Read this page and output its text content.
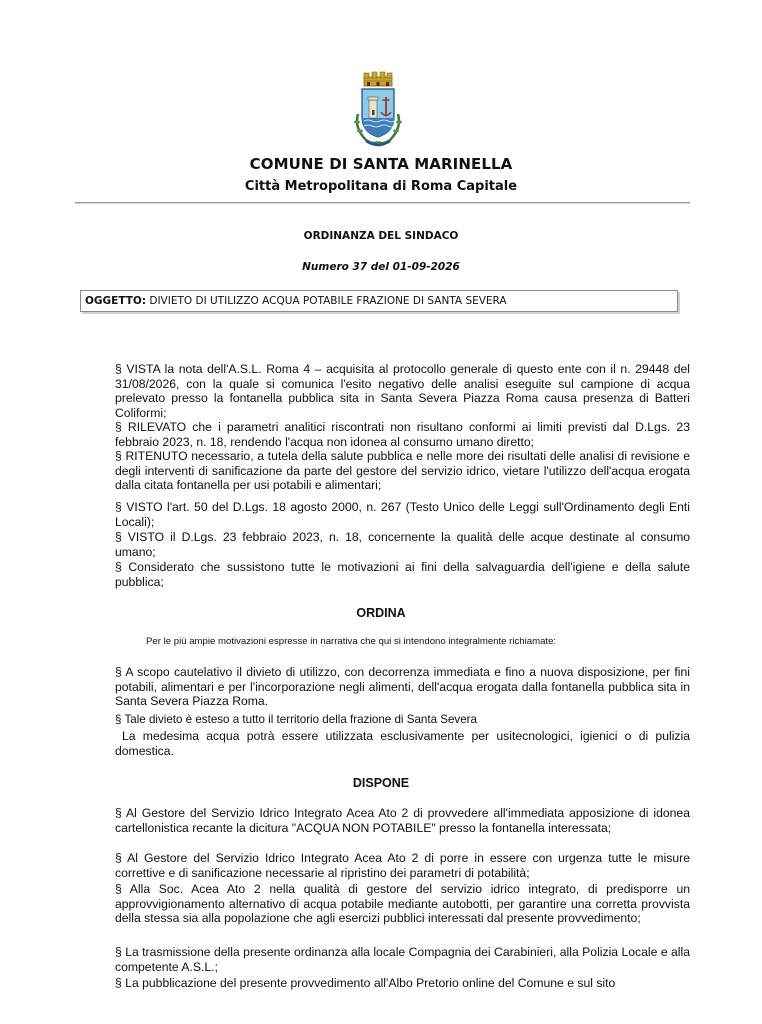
COMUNE DI SANTA MARINELLA
Città Metropolitana di Roma Capitale
ORDINANZA DEL SINDACO
Numero 37 del 01-09-2026
OGGETTO: DIVIETO DI UTILIZZO ACQUA POTABILE FRAZIONE DI SANTA SEVERA
§ VISTA la nota dell'A.S.L. Roma 4 – acquisita al protocollo generale di questo ente con il n. 29448 del 31/08/2026, con la quale si comunica l'esito negativo delle analisi eseguite sul campione di acqua prelevato presso la fontanella pubblica sita in Santa Severa Piazza Roma causa presenza di Batteri Coliformi;
§ RILEVATO che i parametri analitici riscontrati non risultano conformi ai limiti previsti dal D.Lgs. 23 febbraio 2023, n. 18, rendendo l'acqua non idonea al consumo umano diretto;
§ RITENUTO necessario, a tutela della salute pubblica e nelle more dei risultati delle analisi di revisione e degli interventi di sanificazione da parte del gestore del servizio idrico, vietare l'utilizzo dell'acqua erogata dalla citata fontanella per usi potabili e alimentari;
§ VISTO l'art. 50 del D.Lgs. 18 agosto 2000, n. 267 (Testo Unico delle Leggi sull'Ordinamento degli Enti Locali);
§ VISTO il D.Lgs. 23 febbraio 2023, n. 18, concernente la qualità delle acque destinate al consumo umano;
§ Considerato che sussistono tutte le motivazioni ai fini della salvaguardia dell'igiene e della salute pubblica;
ORDINA
Per le più ampie motivazioni espresse in narrativa che qui si intendono integralmente richiamate:
§ A scopo cautelativo il divieto di utilizzo, con decorrenza immediata e fino a nuova disposizione, per fini potabili, alimentari e per l'incorporazione negli alimenti, dell'acqua erogata dalla fontanella pubblica sita in Santa Severa Piazza Roma.
§ Tale divieto è esteso a tutto il territorio della frazione di Santa Severa
La medesima acqua potrà essere utilizzata esclusivamente per usitecnologici, igienici o di pulizia domestica.
DISPONE
§ Al Gestore del Servizio Idrico Integrato Acea Ato 2 di provvedere all'immediata apposizione di idonea cartellonistica recante la dicitura "ACQUA NON POTABILE" presso la fontanella interessata;
§ Al Gestore del Servizio Idrico Integrato Acea Ato 2 di porre in essere con urgenza tutte le misure correttive e di sanificazione necessarie al ripristino dei parametri di potabilità;
§ Alla Soc. Acea Ato 2 nella qualità di gestore del servizio idrico integrato, di predisporre un approvvigionamento alternativo di acqua potabile mediante autobotti, per garantire una corretta provvista della stessa sia alla popolazione che agli esercizi pubblici interessati dal presente provvedimento;
§ La trasmissione della presente ordinanza alla locale Compagnia dei Carabinieri, alla Polizia Locale e alla competente A.S.L.;
§ La pubblicazione del presente provvedimento all'Albo Pretorio online del Comune e sul sito
